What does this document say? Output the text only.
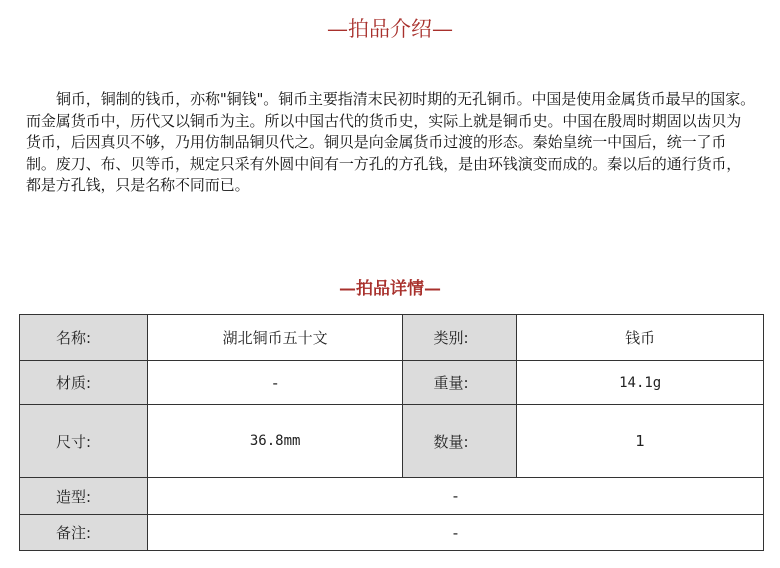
—拍品介绍—

铜币，铜制的钱币，亦称"铜钱"。铜币主要指清末民初时期的无孔铜币。中国是使用金属货币最早的国家。而金属货币中，历代又以铜币为主。所以中国古代的货币史，实际上就是铜币史。中国在殷周时期固以齿贝为货币，后因真贝不够，乃用仿制品铜贝代之。铜贝是向金属货币过渡的形态。秦始皇统一中国后，统一了币制。废刀、布、贝等币，规定只采有外圆中间有一方孔的方孔钱，是由环钱演变而成的。秦以后的通行货币，都是方孔钱，只是名称不同而已。

—拍品详情—
名称:	湖北铜币五十文	类别:	钱币
材质:	-	重量:	14.1g
尺寸:	36.8mm	数量:	1
造型:	-		
备注:	-		
